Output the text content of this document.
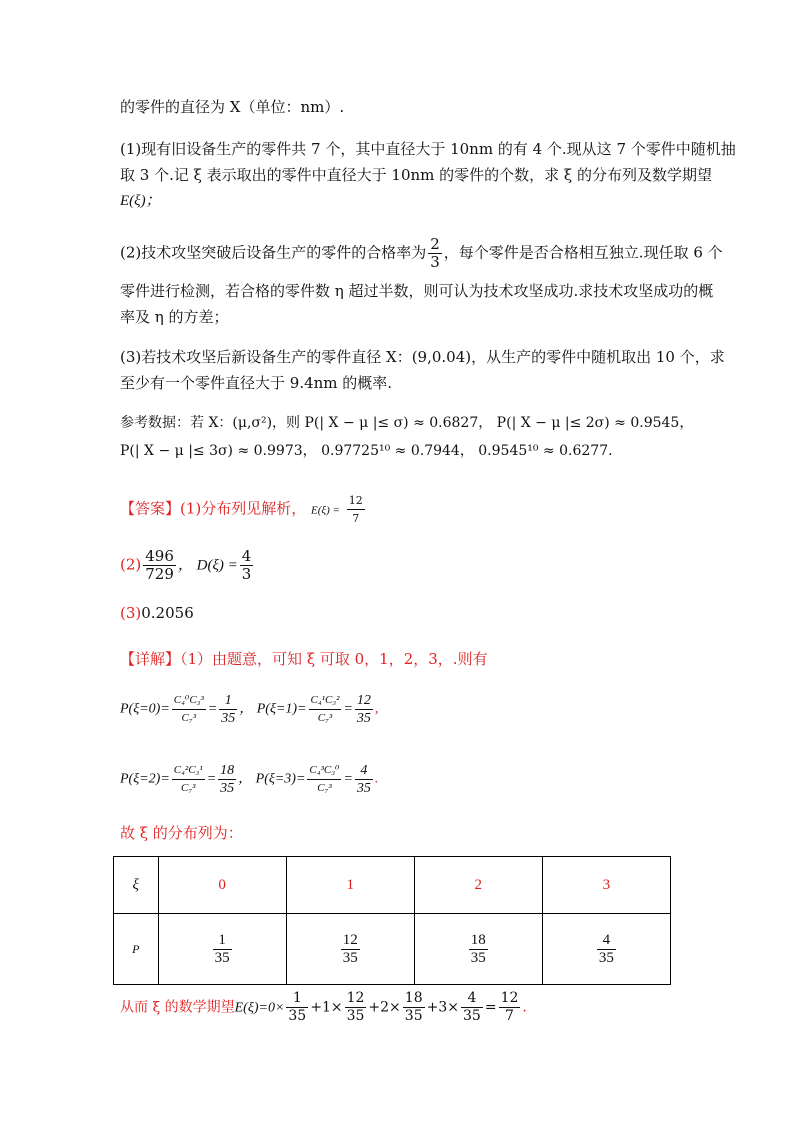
的零件的直径为 X（单位：nm）.
(1)现有旧设备生产的零件共 7 个，其中直径大于 10nm 的有 4 个.现从这 7 个零件中随机抽
取 3 个.记 ξ 表示取出的零件中直径大于 10nm 的零件的个数，求 ξ 的分布列及数学期望
E(ξ)；
(2)技术攻坚突破后设备生产的零件的合格率为 $\frac{2}{3}$ ，每个零件是否合格相互独立.现任取 6 个
零件进行检测，若合格的零件数 η 超过半数，则可认为技术攻坚成功.求技术攻坚成功的概
率及 η 的方差；
(3)若技术攻坚后新设备生产的零件直径 X：(9,0.04)，从生产的零件中随机取出 10 个，求
至少有一个零件直径大于 9.4nm 的概率.
参考数据：若 X：(μ,σ²)，则 P(| X − μ |≤ σ) ≈ 0.6827， P(| X − μ |≤ 2σ) ≈ 0.9545，
P(| X − μ |≤ 3σ) ≈ 0.9973， 0.97725¹⁰ ≈ 0.7944， 0.9545¹⁰ ≈ 0.6277.
【答案】(1)分布列见解析， $E(\xi) = \frac{12}{7}$
$(2) \frac{496}{729}$ ， $D(\xi) = \frac{4}{3}$
(3)0.2056
【详解】（1）由题意，可知 ξ 可取 0，1，2，3，.则有
$P(\xi=0)= \frac{\text{C₄⁰C₃³}}{\text{C₇³}} = \frac{1}{35}$ ， $P(\xi=1)= \frac{\text{C₄¹C₃²}}{\text{C₇³}} = \frac{12}{35}$ ,
$P(\xi=2)= \frac{\text{C₄²C₃¹}}{\text{C₇³}} = \frac{18}{35}$ ， $P(\xi=3)= \frac{\text{C₄³C₃⁰}}{\text{C₇³}} = \frac{4}{35}$ .
故 ξ 的分布列为：
ξ	0	1	2	3
P	$\frac{1}{35}$	$\frac{12}{35}$	$\frac{18}{35}$	$\frac{4}{35}$
从而 ξ 的数学期望$E(\xi)=0\times \frac{1}{35} +1\times \frac{12}{35} +2\times \frac{18}{35} +3\times \frac{4}{35} = \frac{12}{7}$ .
